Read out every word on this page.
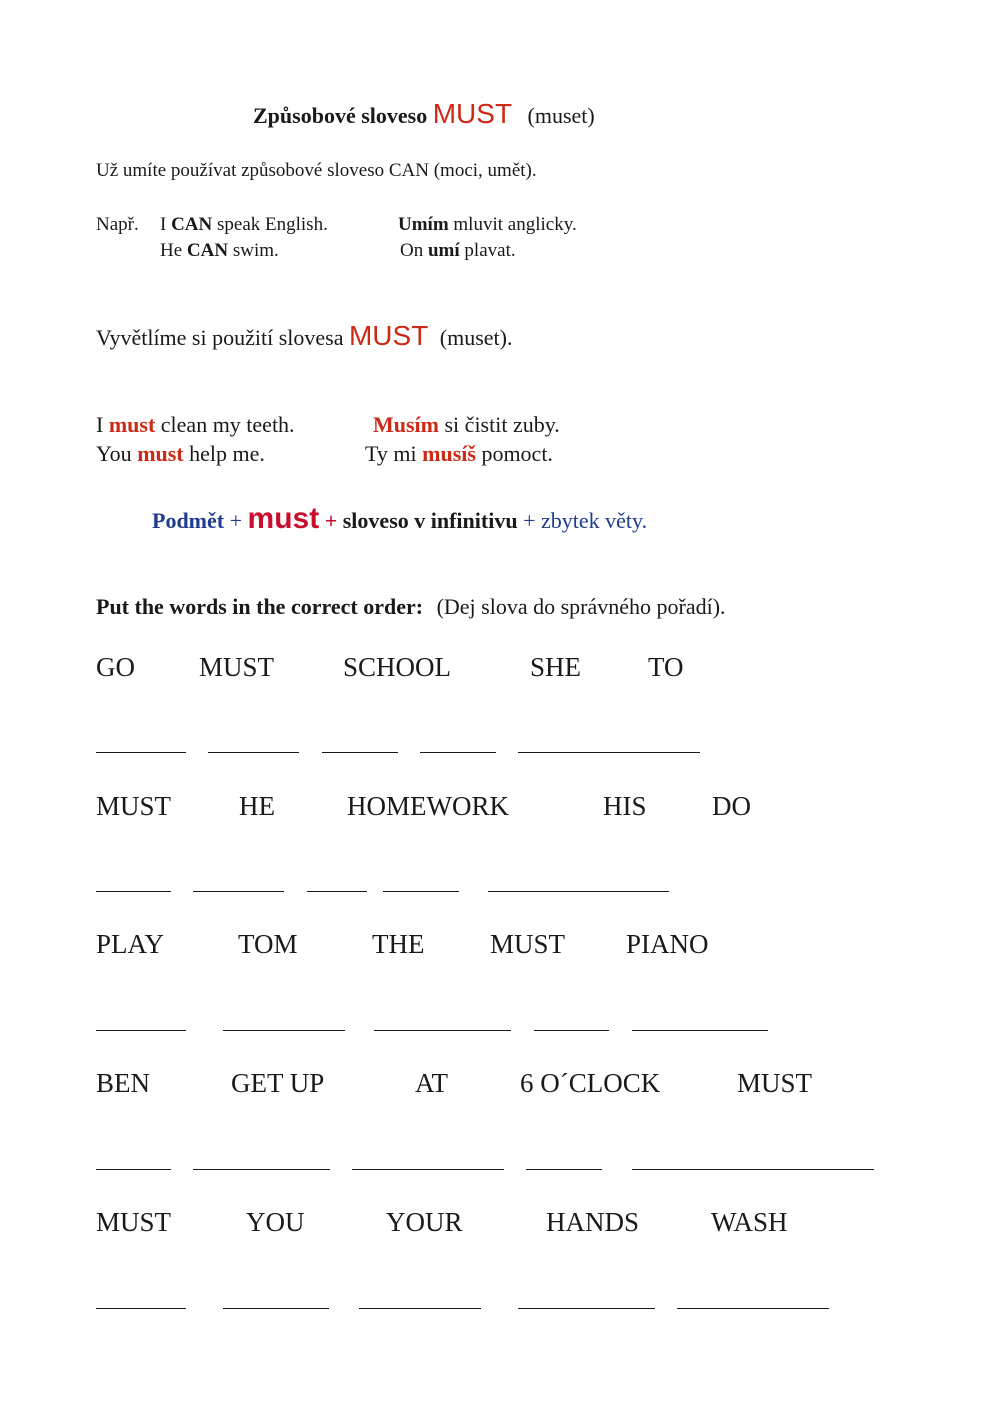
Způsobové sloveso MUST (muset)
Už umíte používat způsobové sloveso CAN (moci, umět).
Např. I CAN speak English.	Umím mluvit anglicky.
He CAN swim.	On umí plavat.
Vyvětlíme si použití slovesa MUST (muset).
I must clean my teeth.	Musím si čistit zuby.
You must help me.	Ty mi musíš pomoct.
Podmět + must + sloveso v infinitivu + zbytek věty.
Put the words in the correct order: (Dej slova do správného pořadí).
GO MUST	SCHOOL	SHE TO
MUST	HE	HOMEWORK	HIS DO
PLAY	TOM	THE MUST PIANO
BEN	GET UP	AT	6 O´CLOCK	MUST
MUST	YOU	YOUR	HANDS	WASH
